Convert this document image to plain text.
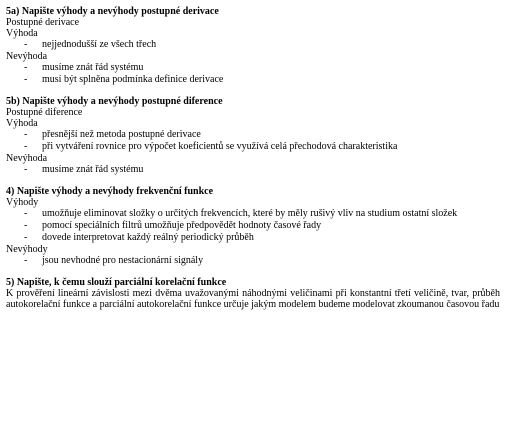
5a) Napište výhody a nevýhody postupné derivace

Postupné derivace

Výhoda

- nejjednodušší ze všech třech

Nevýhoda

- musíme znát řád systému
- musí být splněna podmínka definice derivace

5b) Napište výhody a nevýhody postupné diference

Postupné diference

Výhoda

- přesnější než metoda postupné derivace
- při vytváření rovnice pro výpočet koeficientů se využívá celá přechodová charakteristika

Nevýhoda

- musíme znát řád systému

4) Napište výhody a nevýhody frekvenční funkce

Výhody

- umožňuje eliminovat složky o určitých frekvencích, které by měly rušivý vliv na studium ostatní složek
- pomocí speciálních filtrů umožňuje předpovědět hodnoty časové řady
- dovede interpretovat každý reálný periodický průběh

Nevýhody

- jsou nevhodné pro nestacionární signály

5) Napište, k čemu slouží parciální korelační funkce

K prověření lineární závislosti mezi dvěma uvažovanými náhodnými veličinami při konstantní třetí veličině, tvar, průběh autokorelační funkce a parciální autokorelační funkce určuje jakým modelem budeme modelovat zkoumanou časovou řadu
